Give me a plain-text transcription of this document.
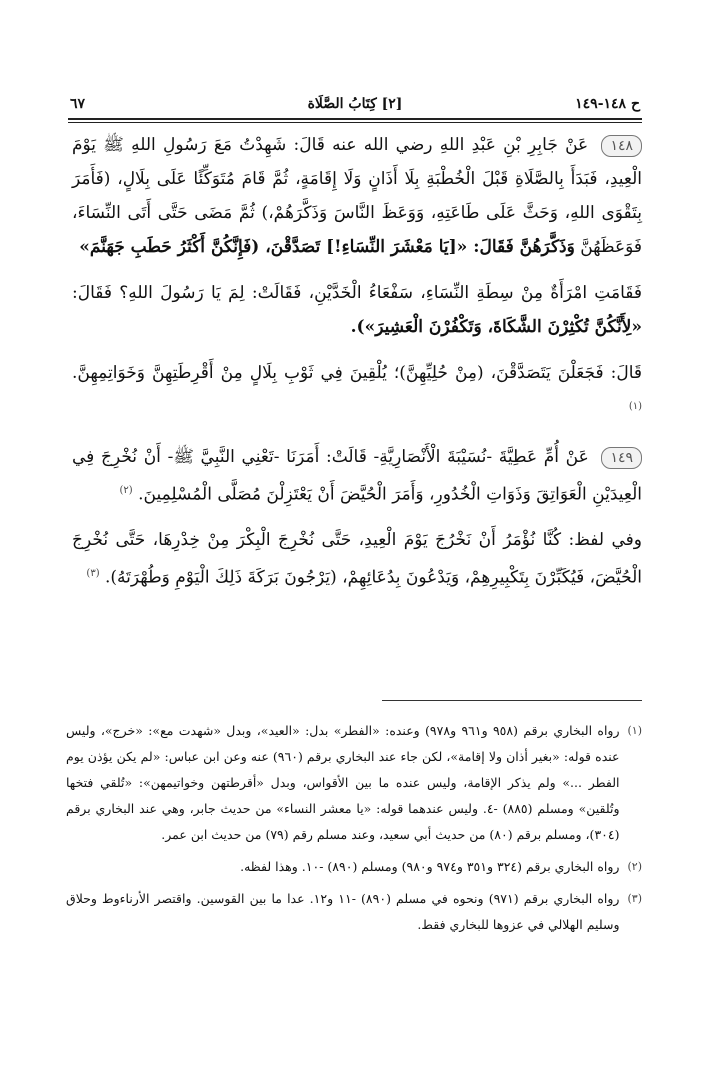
ح ١٤٨-١٤٩
[٢] كِتَابُ الصَّلَاة
٦٧

١٤٨ عَنْ جَابِرِ بْنِ عَبْدِ اللهِ رضي الله عنه قَالَ: شَهِدْتُ مَعَ رَسُولِ اللهِ ﷺ يَوْمَ الْعِيدِ، فَبَدَأَ بِالصَّلَاةِ قَبْلَ الْخُطْبَةِ بِلَا أَذَانٍ وَلَا إِقَامَةٍ، ثُمَّ قَامَ مُتَوَكِّئًا عَلَى بِلَالٍ، (فَأَمَرَ بِتَقْوَى اللهِ، وَحَثَّ عَلَى طَاعَتِهِ، وَوَعَظَ النَّاسَ وَذَكَّرَهُمْ،) ثُمَّ مَضَى حَتَّى أَتَى النِّسَاءَ، فَوَعَظَهُنَّ وَذَكَّرَهُنَّ فَقَالَ: «[يَا مَعْشَرَ النِّسَاءِ!] تَصَدَّقْنَ، (فَإِنَّكُنَّ أَكْثَرُ حَطَبِ جَهَنَّمَ»

فَقَامَتِ امْرَأَةٌ مِنْ سِطَةِ النِّسَاءِ، سَفْعَاءُ الْخَدَّيْنِ، فَقَالَتْ: لِمَ يَا رَسُولَ اللهِ؟ فَقَالَ: «لِأَنَّكُنَّ تُكْثِرْنَ الشَّكَاةَ، وَتَكْفُرْنَ الْعَشِيرَ»).

قَالَ: فَجَعَلْنَ يَتَصَدَّقْنَ، (مِنْ حُلِيِّهِنَّ)؛ يُلْقِينَ فِي ثَوْبِ بِلَالٍ مِنْ أَقْرِطَتِهِنَّ وَخَوَاتِمِهِنَّ. $^{(١)}$

١٤٩ عَنْ أُمِّ عَطِيَّةَ -نُسَيْبَةَ الْأَنْصَارِيَّةِ- قَالَتْ: أَمَرَنَا -تَعْنِي النَّبِيَّ ﷺ- أَنْ نُخْرِجَ فِي الْعِيدَيْنِ الْعَوَاتِقَ وَذَوَاتِ الْخُدُورِ، وَأَمَرَ الْحُيَّضَ أَنْ يَعْتَزِلْنَ مُصَلَّى الْمُسْلِمِينَ. $^{(٢)}$

وفي لفظ: كُنَّا نُؤْمَرُ أَنْ نَخْرُجَ يَوْمَ الْعِيدِ، حَتَّى نُخْرِجَ الْبِكْرَ مِنْ خِدْرِهَا، حَتَّى نُخْرِجَ الْحُيَّضَ، فَيُكَبِّرْنَ بِتَكْبِيرِهِمْ، وَيَدْعُونَ بِدُعَائِهِمْ، (يَرْجُونَ بَرَكَةَ ذَلِكَ الْيَوْمِ وَطُهْرَتَهُ). $^{(٣)}$

(١)
رواه البخاري برقم (٩٥٨ و٩٦١ و٩٧٨) وعنده: «الفطر» بدل: «العيد»، وبدل «شهدت مع»: «خرج»، وليس عنده قوله: «بغير أذان ولا إقامة»، لكن جاء عند البخاري برقم (٩٦٠) عنه وعن ابن عباس: «لم يكن يؤذن يوم الفطر ...» ولم يذكر الإقامة، وليس عنده ما بين الأقواس، وبدل «أقرطتهن وخواتيمهن»: «تُلقي فتخها وتُلقين» ومسلم (٨٨٥) -٤. وليس عندهما قوله: «يا معشر النساء» من حديث جابر، وهي عند البخاري برقم (٣٠٤)، ومسلم برقم (٨٠) من حديث أبي سعيد، وعند مسلم رقم (٧٩) من حديث ابن عمر.
(٢)
رواه البخاري برقم (٣٢٤ و٣٥١ و٩٧٤ و٩٨٠) ومسلم (٨٩٠) -١٠. وهذا لفظه.
(٣)
رواه البخاري برقم (٩٧١) ونحوه في مسلم (٨٩٠) -١١ و١٢. عدا ما بين القوسين. واقتصر الأرناءوط وحلاق وسليم الهلالي في عزوها للبخاري فقط.
